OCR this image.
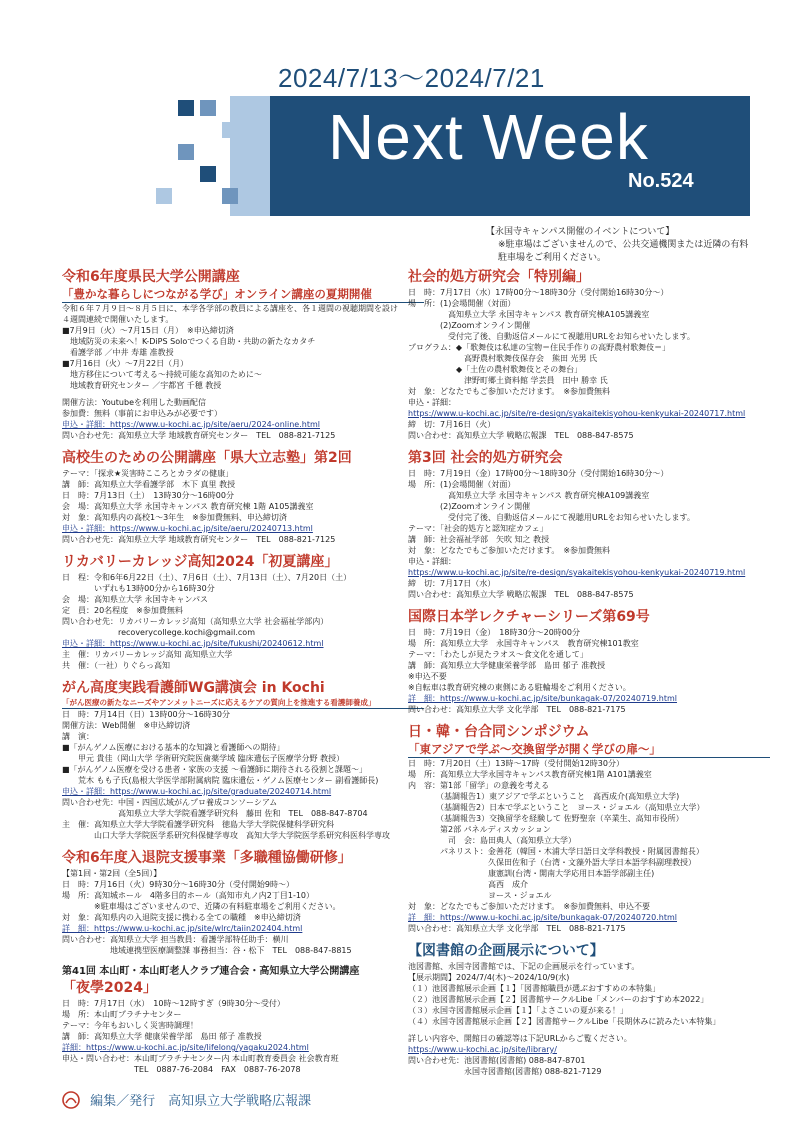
2024/7/13～2024/7/21
Next Week
No.524
【永国寺キャンパス開催のイベントについて】
※駐車場はございませんので、公共交通機関または近隣の有料
駐車場をご利用ください。
令和6年度県民大学公開講座
「豊かな暮らしにつながる学び」オンライン講座の夏期開催
令和６年７月９日～８月５日に、本学各学部の教員による講座を、各１週間の視聴期間を設け
４週間連続で開催いたします。
■7月9日（火）～7月15日（月）　※申込締切済
　地域防災の未来へ！K-DiPS Soloでつくる自助・共助の新たなカタチ
　看護学部 ／中井 寿雄 准教授
■7月16日（火）～7月22日（月）
　地方移住について考える～持続可能な高知のために～
　地域教育研究センター ／宇都宮 千穂 教授
開催方法：Youtubeを利用した動画配信
参加費：無料（事前にお申込みが必要です）
申込・詳細：https://www.u-kochi.ac.jp/site/aeru/2024-online.html
問い合わせ先：高知県立大学 地域教育研究センター　TEL　088-821-7125
高校生のための公開講座「県大立志塾」第2回
テーマ：「探求★災害時こころとカラダの健康」
講　師：高知県立大学看護学部　木下 真里 教授
日　時：7月13日（土）　13時30分～16時00分
会　場：高知県立大学 永国寺キャンパス 教育研究棟 1階 A105講義室
対　象：高知県内の高校1～3年生　※参加費無料、申込締切済
申込・詳細：https://www.u-kochi.ac.jp/site/aeru/20240713.html
問い合わせ先：高知県立大学 地域教育研究センター　TEL　088-821-7125
リカバリーカレッジ高知2024「初夏講座」
日　程：令和6年6月22日（土）、7月6日（土）、7月13日（土）、7月20日（土）
　　　　いずれも13時00分から16時30分
会　場：高知県立大学 永国寺キャンパス
定　員：20名程度　※参加費無料
問い合わせ先：リカバリーカレッジ高知（高知県立大学 社会福祉学部内）
　　　　　　　recoverycollege.kochi@gmail.com
申込・詳細：https://www.u-kochi.ac.jp/site/fukushi/20240612.html
主　催：リカバリーカレッジ高知 高知県立大学
共　催：（一社）りぐらっ高知
がん高度実践看護師WG講演会 in Kochi
「がん医療の新たなニーズやアンメットニーズに応えるケアの質向上を推進する看護師養成」
日　時：7月14日（日）13時00分～16時30分
開催方法：Web開催　※申込締切済
講　演：
■「がんゲノム医療における基本的な知識と看護師への期待」
　　甲元 貴佳（岡山大学 学術研究院医歯薬学域 臨床遺伝子医療学分野 教授）
■「がんゲノム医療を受ける患者・家族の支援 ～看護師に期待される役割と課題～」
　　荒木 もも子氏(島根大学医学部附属病院 臨床遺伝・ゲノム医療センター 副看護師長)
申込・詳細：https://www.u-kochi.ac.jp/site/graduate/20240714.html
問い合わせ先：中国・四国広域がんプロ養成コンソーシアム
　　　　　　　高知県立大学大学院看護学研究科　藤田 佐和　TEL　088-847-8704
主　催：高知県立大学大学院看護学研究科　徳島大学大学院保健科学研究科
　　　　山口大学大学院医学系研究科保健学専攻　高知大学大学院医学系研究科医科学専攻
令和6年度入退院支援事業「多職種協働研修」
【第1回・第2回（全5回）】
日　時：7月16日（火）9時30分～16時30分（受付開始9時～）
場　所：高知城ホール　4階多目的ホール（高知市丸ノ内2丁目1-10）
　　　　※駐車場はございませんので、近隣の有料駐車場をご利用ください。
対　象：高知県内の入退院支援に携わる全ての職種　※申込締切済
詳　細：https://www.u-kochi.ac.jp/site/wlrc/taiin202404.html
問い合わせ：高知県立大学 担当教員：看護学部特任助手：横川
　　　　　　地域連携型医療調整課 事務担当：谷・松下　TEL　088-847-8815
第41回 本山町・本山町老人クラブ連合会・高知県立大学公開講座
「夜學2024」
日　時：7月17日（水）　10時～12時すぎ（9時30分～受付）
場　所：本山町プラチナセンター
テーマ：今年もおいしく災害時調理！
講　師：高知県立大学 健康栄養学部　島田 郁子 准教授
詳細：https://www.u-kochi.ac.jp/site/lifelong/yagaku2024.html
申込・問い合わせ：本山町プラチナセンター内 本山町教育委員会 社会教育班
　　　　　　　　　TEL　0887-76-2084　FAX　0887-76-2078
社会的処方研究会「特別編」
日　時：7月17日（水）17時00分～18時30分（受付開始16時30分～）
場　所：(1)会場開催（対面）
　　　　　高知県立大学 永国寺キャンパス 教育研究棟A105講義室
　　　　(2)Zoomオンライン開催
　　　　　受付完了後、自動返信メールにて視聴用URLをお知らせいたします。
プログラム：◆「歌舞伎は私達の宝物＝住民手作りの高野農村歌舞伎＝」
　　　　　　　高野農村歌舞伎保存会　熊田 光男 氏
　　　　　　◆「土佐の農村歌舞伎とその舞台」
　　　　　　　津野町郷土資料館 学芸員　田中 勝幸 氏
対　象：どなたでもご参加いただけます。　※参加費無料
申込・詳細：
https://www.u-kochi.ac.jp/site/re-design/syakaitekisyohou-kenkyukai-20240717.html
締　切：7月16日（火）
問い合わせ：高知県立大学 戦略広報課　TEL　088-847-8575
第3回 社会的処方研究会
日　時：7月19日（金）17時00分～18時30分（受付開始16時30分～）
場　所：(1)会場開催（対面）
　　　　　高知県立大学 永国寺キャンパス 教育研究棟A109講義室
　　　　(2)Zoomオンライン開催
　　　　　受付完了後、自動返信メールにて視聴用URLをお知らせいたします。
テーマ：「社会的処方と認知症カフェ」
講　師：社会福祉学部　矢吹 知之 教授
対　象：どなたでもご参加いただけます。　※参加費無料
申込・詳細：
https://www.u-kochi.ac.jp/site/re-design/syakaitekisyohou-kenkyukai-20240719.html
締　切：7月17日（水）
問い合わせ：高知県立大学 戦略広報課　TEL　088-847-8575
国際日本学レクチャーシリーズ第69号
日　時：7月19日（金）　18時30分～20時00分
場　所：高知県立大学　永国寺キャンパス　教育研究棟101教室
テーマ：「わたしが見たラオス～食文化を通して」
講　師：高知県立大学健康栄養学部　島田 郁子 准教授
※申込不要
※自転車は教育研究棟の東側にある駐輪場をご利用ください。
詳　細：https://www.u-kochi.ac.jp/site/bunkagak-07/20240719.html
問い合わせ：高知県立大学 文化学部　TEL　088-821-7175
日・韓・台合同シンポジウム
「東アジアで学ぶ～交換留学が開く学びの扉～」
日　時：7月20日（土）13時～17時（受付開始12時30分）
場　所：高知県立大学永国寺キャンパス教育研究棟1階 A101講義室
内　容：第1部「留学」の意義を考える
　　　　（基調報告1）東アジアで学ぶということ　高西成介(高知県立大学)
　　　　（基調報告2）日本で学ぶということ　ヨース・ジョエル（高知県立大学）
　　　　（基調報告3）交換留学を経験して 佐野聖奈（卒業生、高知市役所）
　　　　第2部 パネルディスカッション
　　　　　司　会：島田典人（高知県立大学）
　　　　パネリスト：金善花（韓国・木浦大学日語日文学科教授・附属図書館長）
　　　　　　　　　　久保田佐和子（台湾・文藻外語大学日本語学科副理教授）
　　　　　　　　　　康憲訓(台湾・開南大学応用日本語学部副主任)
　　　　　　　　　　高西　成介
　　　　　　　　　　ヨース・ジョエル
対　象：どなたでもご参加いただけます。　※参加費無料、申込不要
詳　細：https://www.u-kochi.ac.jp/site/bunkagak-07/20240720.html
問い合わせ：高知県立大学 文化学部　TEL　088-821-7175
【図書館の企画展示について】
池図書館、永国寺図書館では、下記の企画展示を行っています。
【展示期間】2024/7/4(木)～2024/10/9(水)
（１）池図書館展示企画【１】「図書館職員が選ぶおすすめの本特集」
（２）池図書館展示企画【２】図書館サークルLibe「メンバーのおすすめ本2022」
（３）永国寺図書館展示企画【１】「よさこいの夏が来る！」
（４）永国寺図書館展示企画【２】図書館サークルLibe「長期休みに読みたい本特集」
詳しい内容や、開館日の確認等は下記URLからご覧ください。
https://www.u-kochi.ac.jp/site/library/
問い合わせ先：池図書館(図書館) 088-847-8701
　　　　　　　永国寺図書館(図書館) 088-821-7129
編集／発行　高知県立大学戦略広報課
